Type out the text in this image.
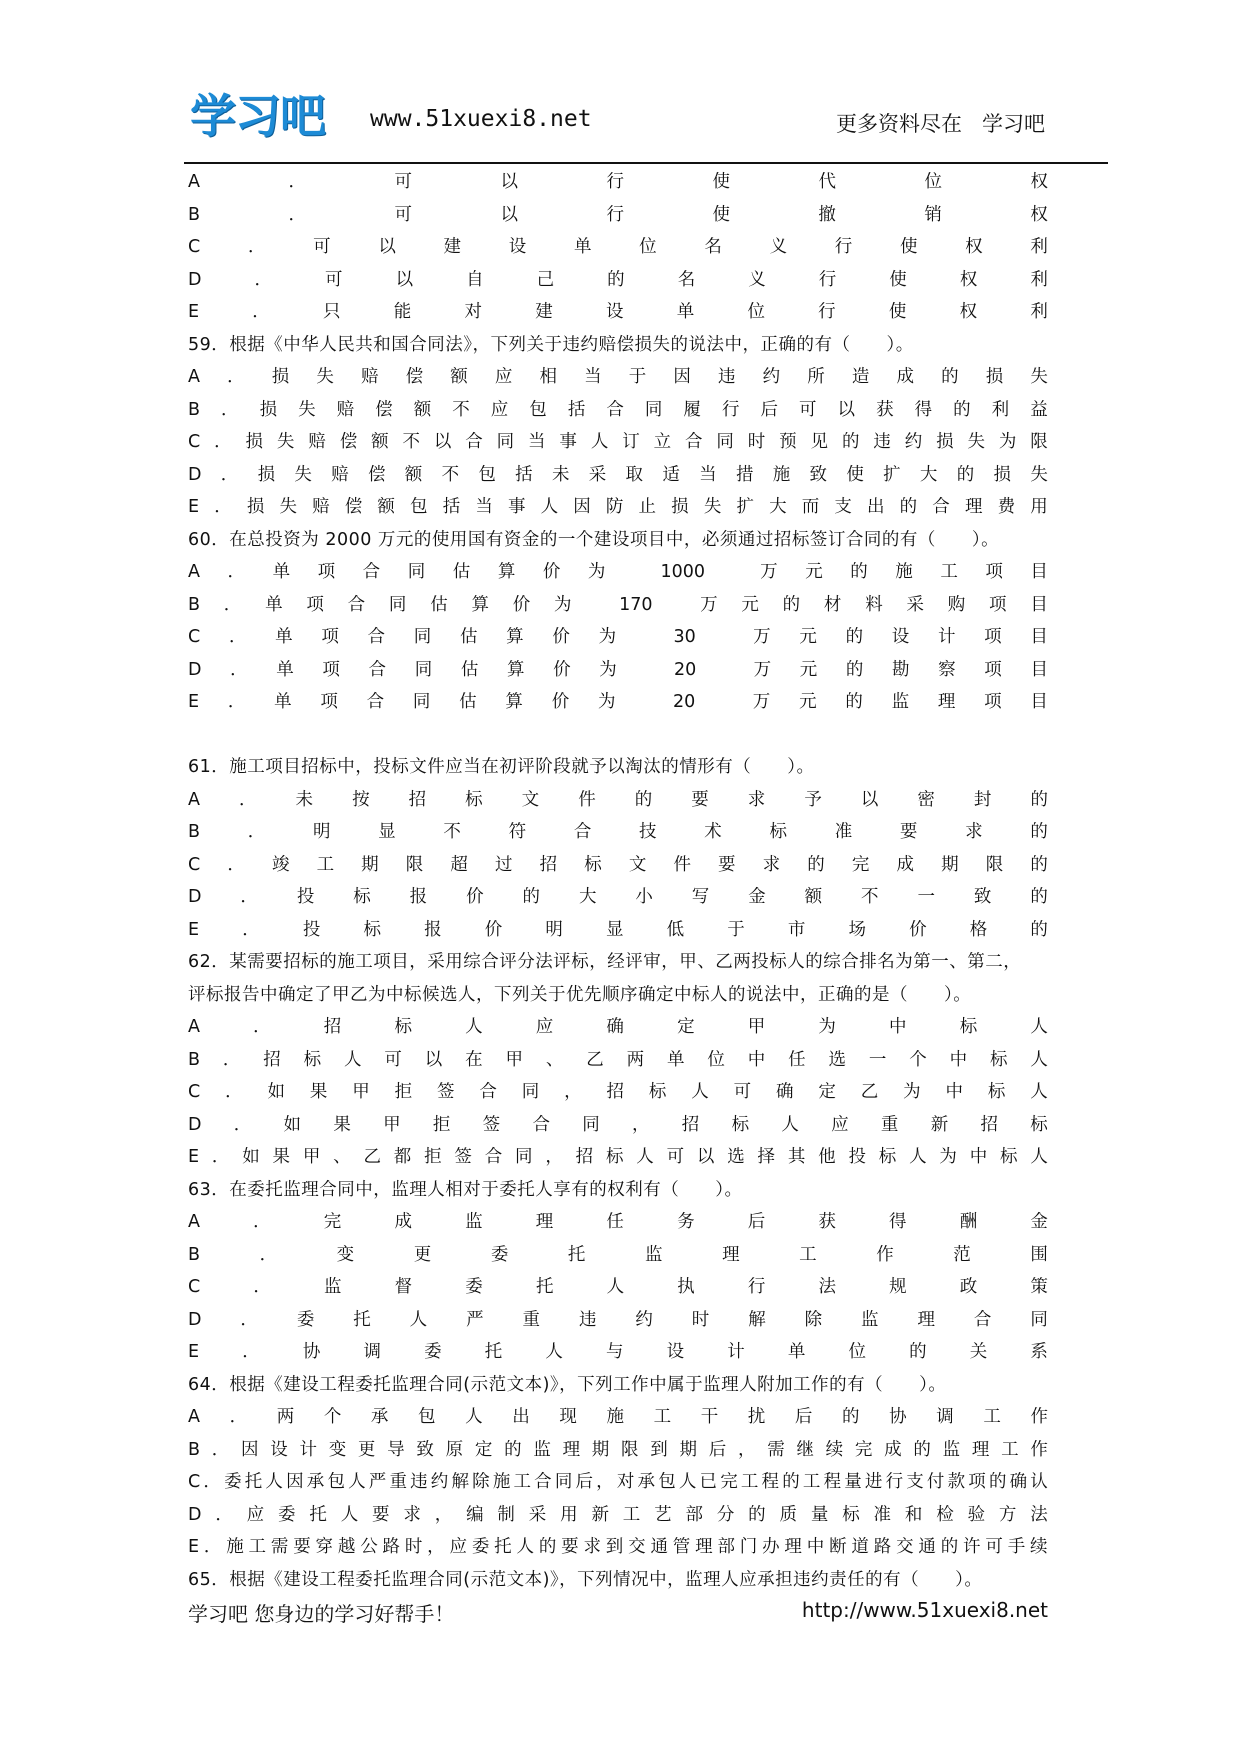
学习吧 www.51xuexi8.net	更多资料尽在   学习吧
A	．	可	以	行	使	代	位	权
B	．	可	以	行	使	撤	销	权
C	．	可	以	建	设	单	位	名	义	行	使	权	利
D	．	可	以	自	己	的	名	义	行	使	权	利
E	．	只	能	对	建	设	单	位	行	使	权	利
59．根据《中华人民共和国合同法》，下列关于违约赔偿损失的说法中，正确的有（　　）。
A ． 损 失 赔 偿 额 应 相 当 于 因 违 约 所 造 成 的 损 失
B ． 损 失 赔 偿 额 不 应 包 括 合 同 履 行 后 可 以 获 得 的 利 益
C ． 损 失 赔 偿 额 不 以 合 同 当 事 人 订 立 合 同 时 预 见 的 违 约 损 失 为 限
D ． 损 失 赔 偿 额 不 包 括 未 采 取 适 当 措 施 致 使 扩 大 的 损 失
E ． 损 失 赔 偿 额 包 括 当 事 人 因 防 止 损 失 扩 大 而 支 出 的 合 理 费 用
60．在总投资为 2000 万元的使用国有资金的一个建设项目中，必须通过招标签订合同的有（　　）。
A ． 单 项 合 同 估 算 价 为	1000	万 元 的 施 工 项 目
B ． 单 项 合 同 估 算 价 为	170	万 元 的 材 料 采 购 项 目
C ． 单 项 合 同 估 算 价 为	30	万 元 的 设 计 项 目
D ． 单 项 合 同 估 算 价 为	20	万 元 的 勘 察 项 目
E ． 单 项 合 同 估 算 价 为	20	万 元 的 监 理 项 目
61．施工项目招标中，投标文件应当在初评阶段就予以淘汰的情形有（　　）。
A ． 未 按 招 标 文 件 的 要 求 予 以 密 封 的
B	．	明	显	不	符	合	技	术	标	准	要	求	的
C ． 竣 工 期 限 超 过 招 标 文 件 要 求 的 完 成 期 限 的
D ． 投 标 报 价 的 大 小 写 金 额 不 一 致 的
E ． 投 标 报 价 明 显 低 于 市 场 价 格 的
62．某需要招标的施工项目，采用综合评分法评标，经评审，甲、乙两投标人的综合排名为第一、第二，
评标报告中确定了甲乙为中标候选人，下列关于优先顺序确定中标人的说法中，正确的是（　　）。
A	．	招	标	人	应	确	定	甲	为	中	标	人
B ． 招 标 人 可 以 在 甲 、 乙 两 单 位 中 任 选 一 个 中 标 人
C ． 如 果 甲 拒 签 合 同 ， 招 标 人 可 确 定 乙 为 中 标 人
D ． 如 果 甲 拒 签 合 同 ， 招 标 人 应 重 新 招 标
E ． 如 果 甲 、 乙 都 拒 签 合 同 ， 招 标 人 可 以 选 择 其 他 投 标 人 为 中 标 人
63．在委托监理合同中，监理人相对于委托人享有的权利有（　　）。
A	．	完	成	监	理	任	务	后	获	得	酬	金
B	．	变	更	委	托	监	理	工	作	范	围
C	．	监	督	委	托	人	执	行	法	规	政	策
D ． 委 托 人 严 重 违 约 时 解 除 监 理 合 同
E ． 协 调 委 托 人 与 设 计 单 位 的 关 系
64．根据《建设工程委托监理合同(示范文本)》，下列工作中属于监理人附加工作的有（　　）。
A ． 两 个 承 包 人 出 现 施 工 干 扰 后 的 协 调 工 作
B ． 因 设 计 变 更 导 致 原 定 的 监 理 期 限 到 期 后 ， 需 继 续 完 成 的 监 理 工 作
C ． 委 托 人 因 承 包 人 严 重 违 约 解 除 施 工 合 同 后 ， 对 承 包 人 已 完 工 程 的 工 程 量 进 行 支 付 款 项 的 确 认
D ． 应 委 托 人 要 求 ， 编 制 采 用 新 工 艺 部 分 的 质 量 标 准 和 检 验 方 法
E ． 施 工 需 要 穿 越 公 路 时 ， 应 委 托 人 的 要 求 到 交 通 管 理 部 门 办 理 中 断 道 路 交 通 的 许 可 手 续
65．根据《建设工程委托监理合同(示范文本)》，下列情况中，监理人应承担违约责任的有（　　）。
学习吧 您身边的学习好帮手！	http://www.51xuexi8.net
